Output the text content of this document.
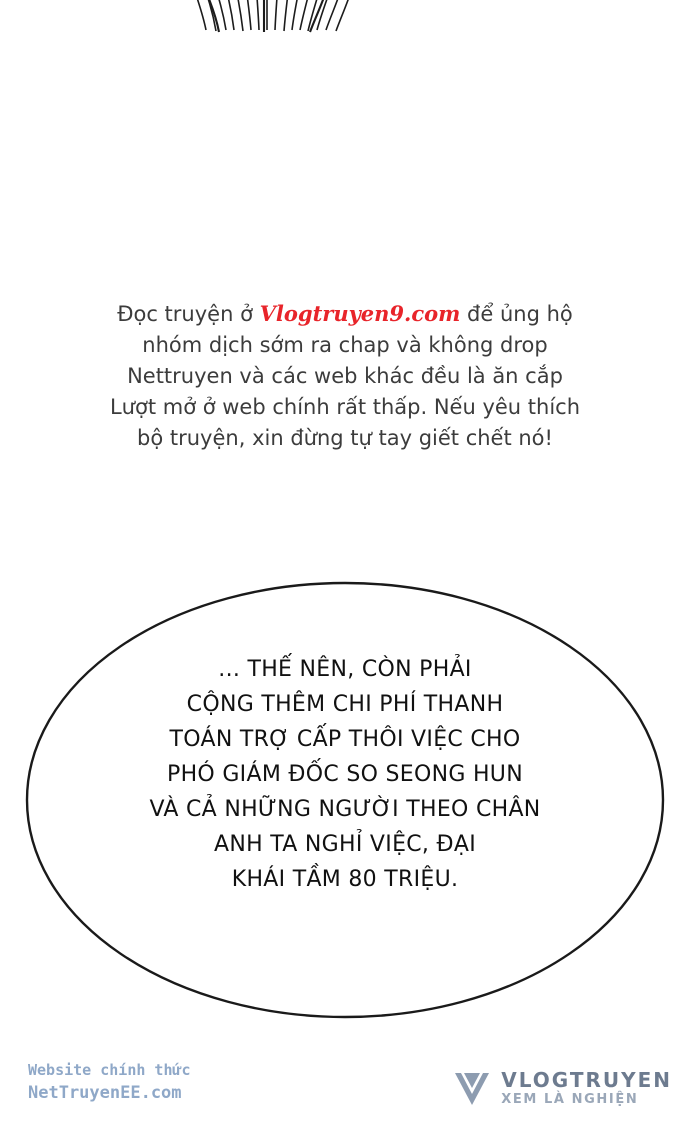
Đọc truyện ở Vlogtruyen9.com để ủng hộ
nhóm dịch sớm ra chap và không drop
Nettruyen và các web khác đều là ăn cắp
Lượt mở ở web chính rất thấp. Nếu yêu thích
bộ truyện, xin đừng tự tay giết chết nó!
... THẾ NÊN, CÒN PHẢI
CỘNG THÊM CHI PHÍ THANH
TOÁN TRỢ CẤP THÔI VIỆC CHO
PHÓ GIÁM ĐỐC SO SEONG HUN
VÀ CẢ NHỮNG NGƯỜI THEO CHÂN
ANH TA NGHỈ VIỆC, ĐẠI
KHÁI TẦM 80 TRIỆU.
Website chính thức
NetTruyenEE.com
VLOGTRUYEN
XEM LÀ NGHIỆN
